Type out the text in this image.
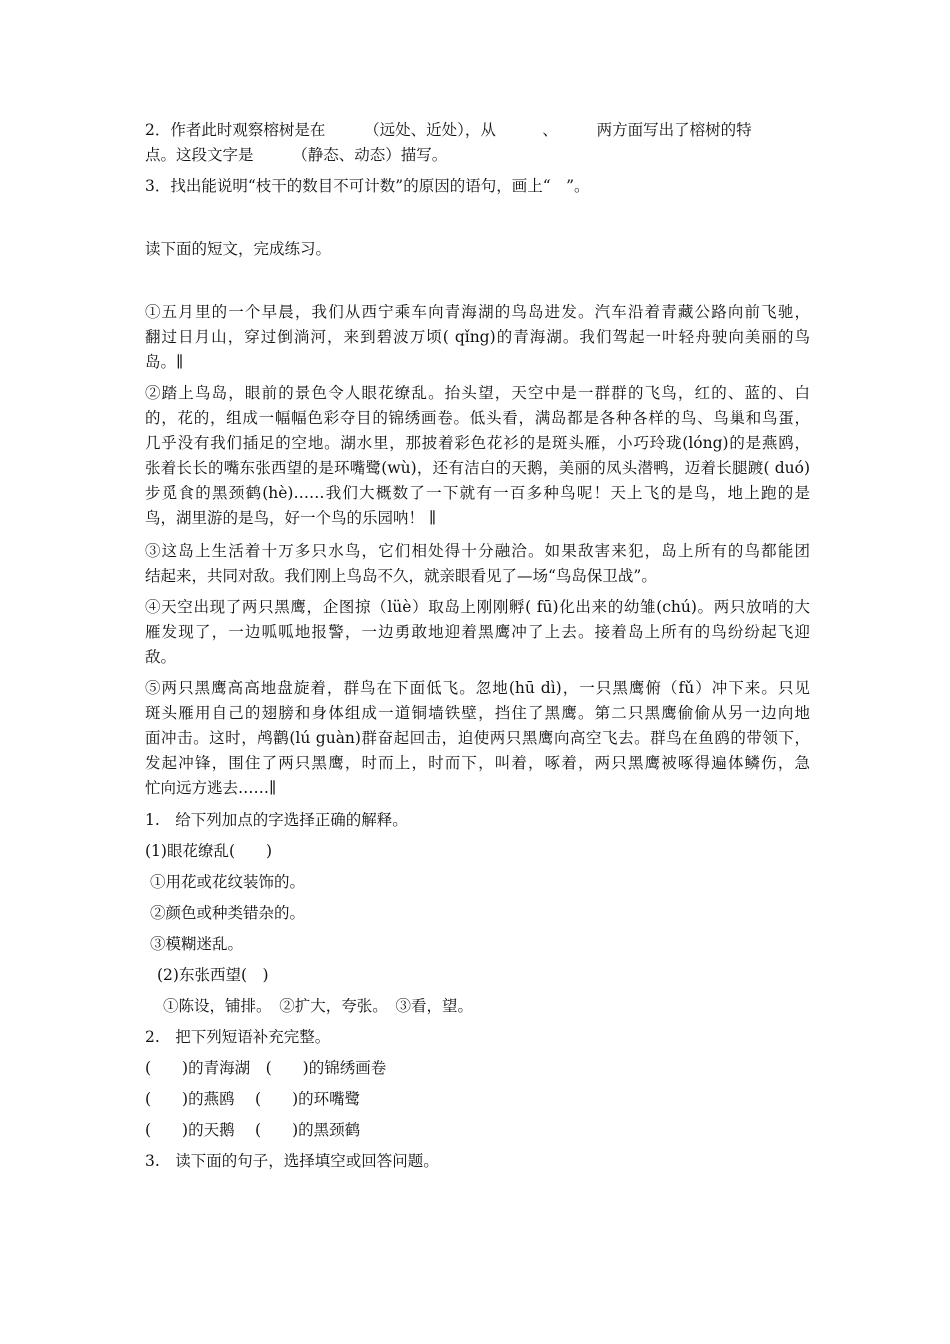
2．作者此时观察榕树是在　　　（远处、近处），从　　　、　　　两方面写出了榕树的特
点。这段文字是　　　（静态、动态）描写。
3．找出能说明“枝干的数目不可计数”的原因的语句，画上“　”。
读下面的短文，完成练习。
①五月里的一个早晨，我们从西宁乘车向青海湖的鸟岛进发。汽车沿着青藏公路向前飞驰，
翻过日月山，穿过倒淌河，来到碧波万顷( qǐng)的青海湖。我们驾起一叶轻舟驶向美丽的鸟
岛。∥
②踏上鸟岛，眼前的景色令人眼花缭乱。抬头望，天空中是一群群的飞鸟，红的、蓝的、白
的，花的，组成一幅幅色彩夺目的锦绣画卷。低头看，满岛都是各种各样的鸟、鸟巢和鸟蛋，
几乎没有我们插足的空地。湖水里，那披着彩色花衫的是斑头雁，小巧玲珑(lóng)的是燕鸥，
张着长长的嘴东张西望的是环嘴鹭(wù)，还有洁白的天鹅，美丽的凤头潜鸭，迈着长腿踱( duó)
步觅食的黑颈鹤(hè)……我们大概数了一下就有一百多种鸟呢！天上飞的是鸟，地上跑的是
鸟，湖里游的是鸟，好一个鸟的乐园呐！ ∥
③这岛上生活着十万多只水鸟，它们相处得十分融洽。如果敌害来犯，岛上所有的鸟都能团
结起来，共同对敌。我们刚上鸟岛不久，就亲眼看见了—场“鸟岛保卫战”。
④天空出现了两只黑鹰，企图掠（lüè）取岛上刚刚孵( fū)化出来的幼雏(chú)。两只放哨的大
雁发现了，一边呱呱地报警，一边勇敢地迎着黑鹰冲了上去。接着岛上所有的鸟纷纷起飞迎
敌。
⑤两只黑鹰高高地盘旋着，群鸟在下面低飞。忽地(hū dì)，一只黑鹰俯（fǔ）冲下来。只见
斑头雁用自己的翅膀和身体组成一道铜墙铁壁，挡住了黑鹰。第二只黑鹰偷偷从另一边向地
面冲击。这时，鸬鹳(lú guàn)群奋起回击，迫使两只黑鹰向高空飞去。群鸟在鱼鸥的带领下，
发起冲锋，围住了两只黑鹰，时而上，时而下，叫着，啄着，两只黑鹰被啄得遍体鳞伤，急
忙向远方逃去……∥
1.　给下列加点的字选择正确的解释。
(1)眼花缭乱(　　)
①用花或花纹装饰的。
②颜色或种类错杂的。
③模糊迷乱。
(2)东张西望(　)
①陈设，铺排。　②扩大，夸张。　③看，望。
2.　把下列短语补充完整。
(　　)的青海湖　(　　)的锦绣画卷
(　　)的燕鸥　 (　　)的环嘴鹭
(　　)的天鹅　 (　　)的黑颈鹤
3.　读下面的句子，选择填空或回答问题。
